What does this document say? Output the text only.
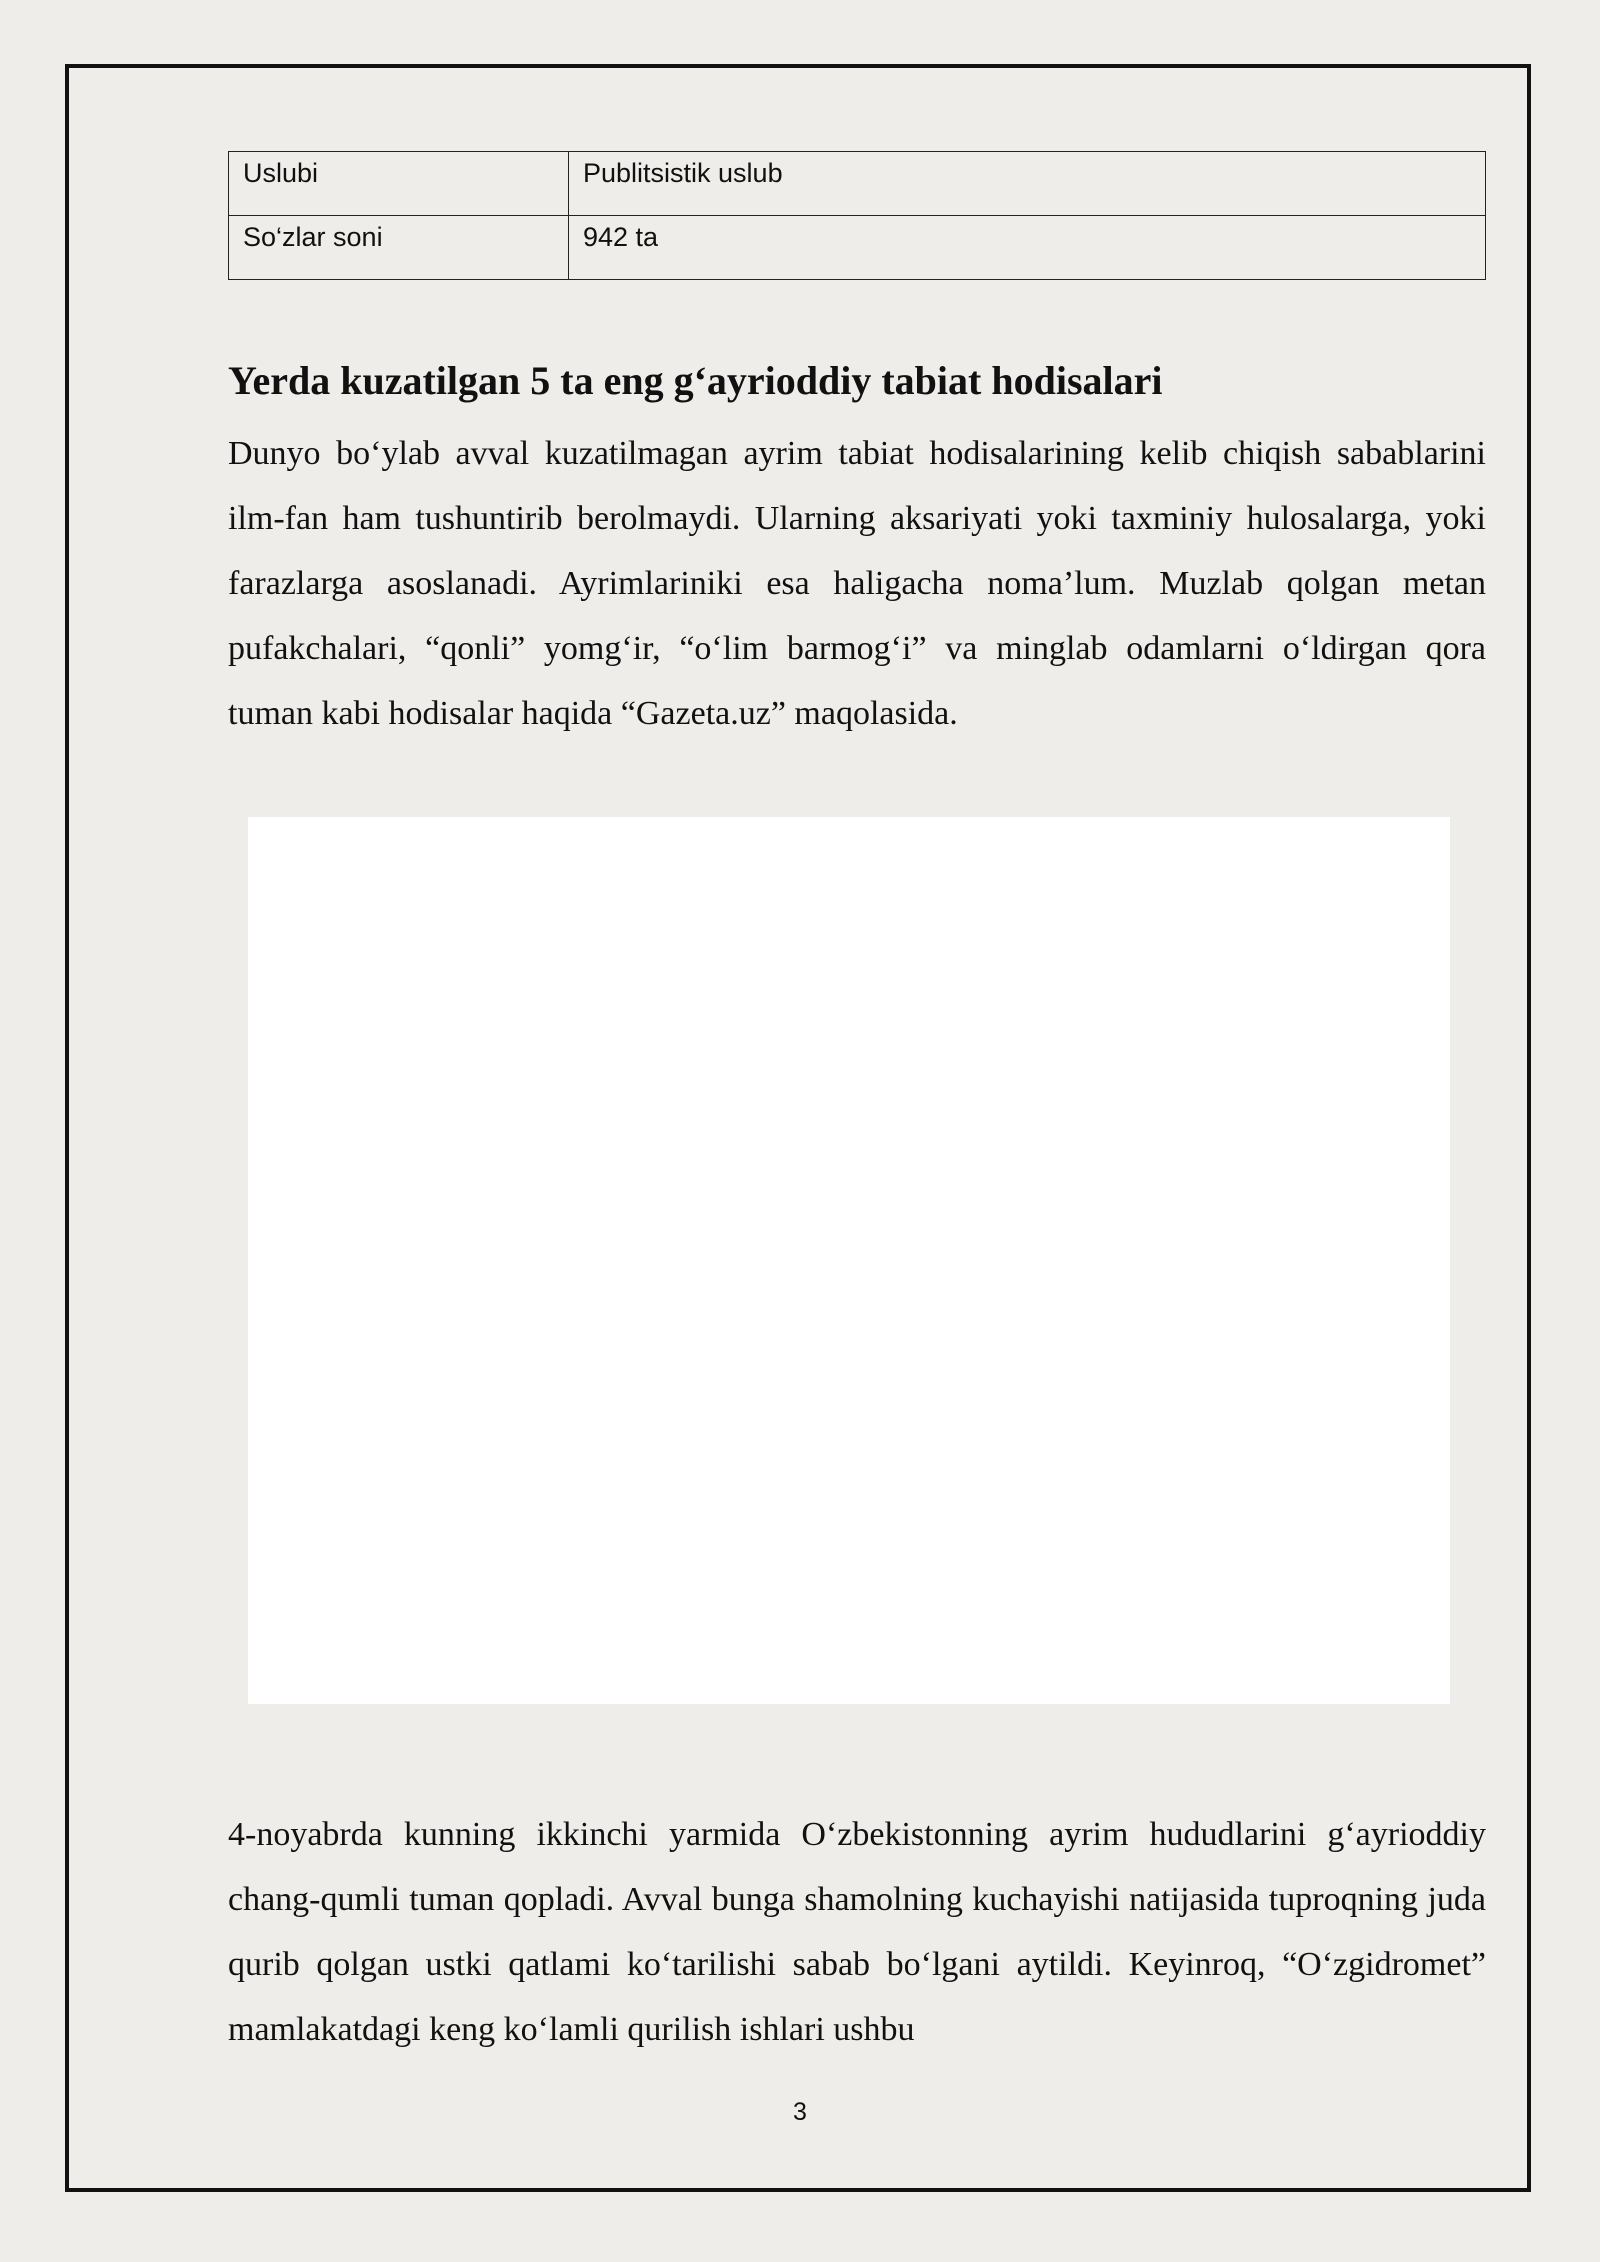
Uslubi	Publitsistik uslub
So‘zlar soni	942 ta
Yerda kuzatilgan 5 ta eng g‘ayrioddiy tabiat hodisalari

Dunyo bo‘ylab avval kuzatilmagan ayrim tabiat hodisalarining kelib chiqish sabablarini ilm-fan ham tushuntirib berolmaydi. Ularning aksariyati yoki taxminiy hulosalarga, yoki farazlarga asoslanadi. Ayrimlariniki esa haligacha noma’lum. Muzlab qolgan metan pufakchalari, “qonli” yomg‘ir, “o‘lim barmog‘i” va minglab odamlarni o‘ldirgan qora tuman kabi hodisalar haqida “Gazeta.uz” maqolasida.

4-noyabrda kunning ikkinchi yarmida O‘zbekistonning ayrim hududlarini g‘ayrioddiy chang-qumli tuman qopladi. Avval bunga shamolning kuchayishi natijasida tuproqning juda qurib qolgan ustki qatlami ko‘tarilishi sabab bo‘lgani aytildi. Keyinroq, “O‘zgidromet” mamlakatdagi keng ko‘lamli qurilish ishlari ushbu

3
